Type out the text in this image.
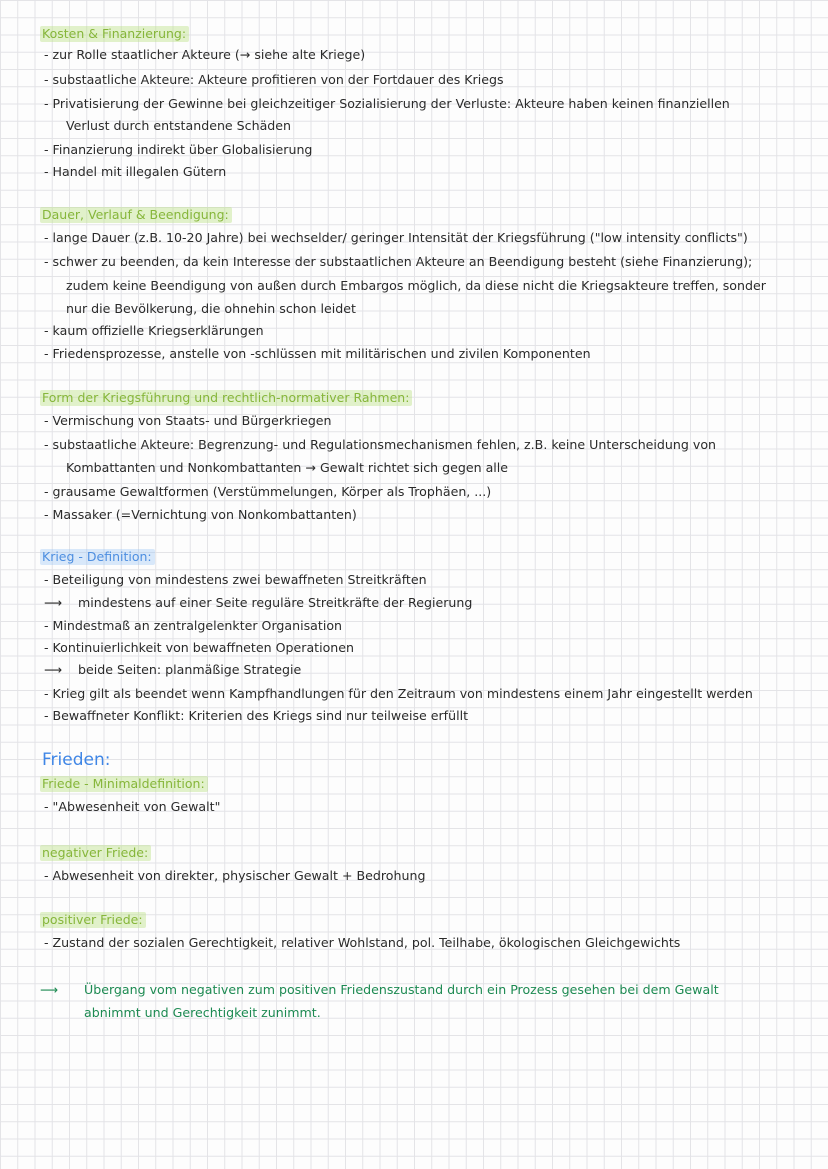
Kosten & Finanzierung:
- zur Rolle staatlicher Akteure (→ siehe alte Kriege)
- substaatliche Akteure: Akteure profitieren von der Fortdauer des Kriegs
- Privatisierung der Gewinne bei gleichzeitiger Sozialisierung der Verluste: Akteure haben keinen finanziellen
Verlust durch entstandene Schäden
- Finanzierung indirekt über Globalisierung
- Handel mit illegalen Gütern
Dauer, Verlauf & Beendigung:
- lange Dauer (z.B. 10-20 Jahre) bei wechselder/ geringer Intensität der Kriegsführung ("low intensity conflicts")
- schwer zu beenden, da kein Interesse der substaatlichen Akteure an Beendigung besteht (siehe Finanzierung);
zudem keine Beendigung von außen durch Embargos möglich, da diese nicht die Kriegsakteure treffen, sonder
nur die Bevölkerung, die ohnehin schon leidet
- kaum offizielle Kriegserklärungen
- Friedensprozesse, anstelle von -schlüssen mit militärischen und zivilen Komponenten
Form der Kriegsführung und rechtlich-normativer Rahmen:
- Vermischung von Staats- und Bürgerkriegen
- substaatliche Akteure: Begrenzung- und Regulationsmechanismen fehlen, z.B. keine Unterscheidung von
Kombattanten und Nonkombattanten → Gewalt richtet sich gegen alle
- grausame Gewaltformen (Verstümmelungen, Körper als Trophäen, ...)
- Massaker (=Vernichtung von Nonkombattanten)
Krieg - Definition:
- Beteiligung von mindestens zwei bewaffneten Streitkräften
⟶ mindestens auf einer Seite reguläre Streitkräfte der Regierung
- Mindestmaß an zentralgelenkter Organisation
- Kontinuierlichkeit von bewaffneten Operationen
⟶ beide Seiten: planmäßige Strategie
- Krieg gilt als beendet wenn Kampfhandlungen für den Zeitraum von mindestens einem Jahr eingestellt werden
- Bewaffneter Konflikt: Kriterien des Kriegs sind nur teilweise erfüllt
Frieden:
Friede - Minimaldefinition:
- "Abwesenheit von Gewalt"
negativer Friede:
- Abwesenheit von direkter, physischer Gewalt + Bedrohung
positiver Friede:
- Zustand der sozialen Gerechtigkeit, relativer Wohlstand, pol. Teilhabe, ökologischen Gleichgewichts
⟶ Übergang vom negativen zum positiven Friedenszustand durch ein Prozess gesehen bei dem Gewalt
abnimmt und Gerechtigkeit zunimmt.
